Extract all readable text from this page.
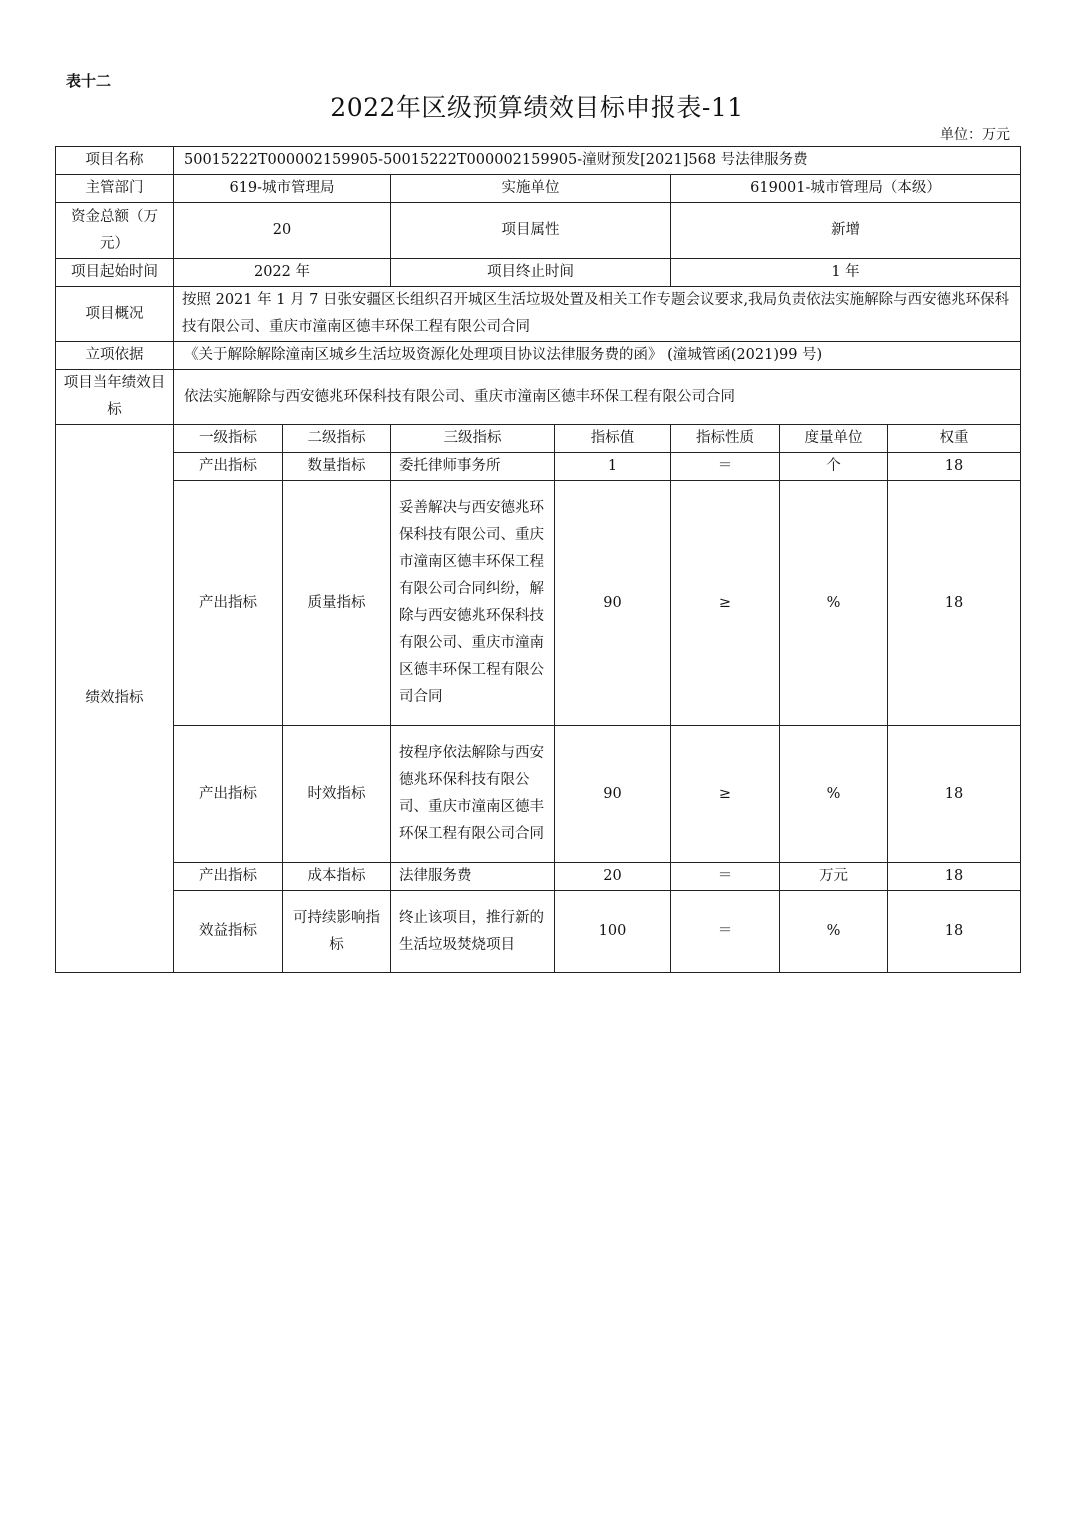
表十二
2022年区级预算绩效目标申报表-11
单位：万元
项目名称	50015222T000002159905-50015222T000002159905-潼财预发[2021]568 号法律服务费						
主管部门	619-城市管理局		实施单位		619001-城市管理局（本级）		
资金总额（万元）	20		项目属性		新增		
项目起始时间	2022 年		项目终止时间		1 年		
项目概况	按照 2021 年 1 月 7 日张安疆区长组织召开城区生活垃圾处置及相关工作专题会议要求,我局负责依法实施解除与西安德兆环保科技有限公司、重庆市潼南区德丰环保工程有限公司合同						
立项依据	《关于解除解除潼南区城乡生活垃圾资源化处理项目协议法律服务费的函》 (潼城管函(2021)99 号)						
项目当年绩效目标	依法实施解除与西安德兆环保科技有限公司、重庆市潼南区德丰环保工程有限公司合同						
绩效指标	一级指标	二级指标	三级指标	指标值	指标性质	度量单位	权重
	产出指标	数量指标	委托律师事务所	1	＝	个	18
	产出指标	质量指标	妥善解决与西安德兆环保科技有限公司、重庆市潼南区德丰环保工程有限公司合同纠纷，解除与西安德兆环保科技有限公司、重庆市潼南区德丰环保工程有限公司合同	90	≥	%	18
	产出指标	时效指标	按程序依法解除与西安德兆环保科技有限公司、重庆市潼南区德丰环保工程有限公司合同	90	≥	%	18
	产出指标	成本指标	法律服务费	20	＝	万元	18
	效益指标	可持续影响指标	终止该项目，推行新的生活垃圾焚烧项目	100	＝	%	18
